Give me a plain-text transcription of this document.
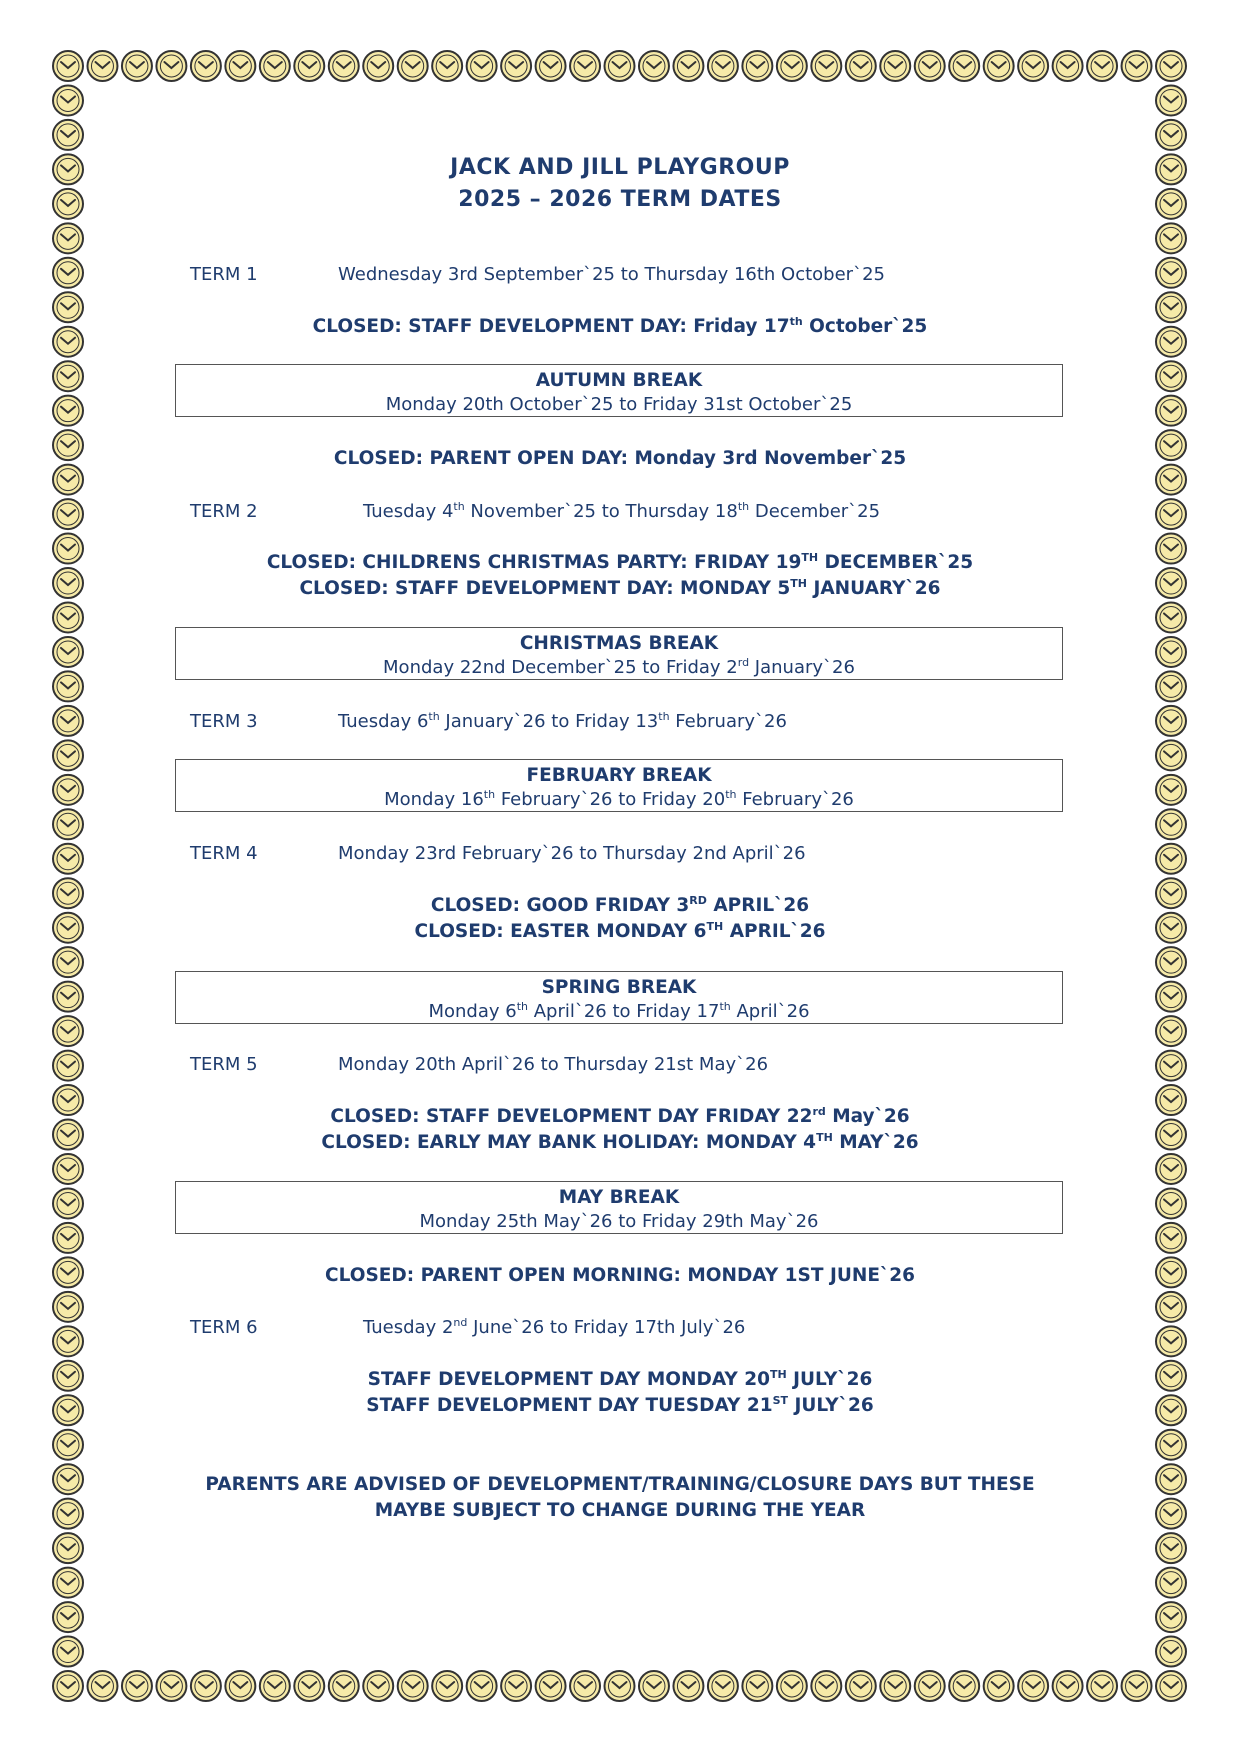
JACK AND JILL PLAYGROUP
2025 – 2026 TERM DATES
TERM 1	Wednesday 3rd September`25 to Thursday 16th October`25
CLOSED: STAFF DEVELOPMENT DAY: Friday 17th October`25
AUTUMN BREAK
Monday 20th October`25 to Friday 31st October`25
CLOSED: PARENT OPEN DAY: Monday 3rd November`25
TERM 2	Tuesday 4th November`25 to Thursday 18th December`25
CLOSED: CHILDRENS CHRISTMAS PARTY: FRIDAY 19TH DECEMBER`25
CLOSED: STAFF DEVELOPMENT DAY: MONDAY 5TH JANUARY`26
CHRISTMAS BREAK
Monday 22nd December`25 to Friday 2rd January`26
TERM 3	Tuesday 6th January`26 to Friday 13th February`26
FEBRUARY BREAK
Monday 16th February`26 to Friday 20th February`26
TERM 4	Monday 23rd February`26 to Thursday 2nd April`26
CLOSED: GOOD FRIDAY 3RD APRIL`26
CLOSED: EASTER MONDAY 6TH APRIL`26
SPRING BREAK
Monday 6th April`26 to Friday 17th April`26
TERM 5	Monday 20th April`26 to Thursday 21st May`26
CLOSED: STAFF DEVELOPMENT DAY FRIDAY 22rd May`26
CLOSED: EARLY MAY BANK HOLIDAY: MONDAY 4TH MAY`26
MAY BREAK
Monday 25th May`26 to Friday 29th May`26
CLOSED: PARENT OPEN MORNING: MONDAY 1ST JUNE`26
TERM 6	Tuesday 2nd June`26 to Friday 17th July`26
STAFF DEVELOPMENT DAY MONDAY 20TH JULY`26
STAFF DEVELOPMENT DAY TUESDAY 21ST JULY`26
PARENTS ARE ADVISED OF DEVELOPMENT/TRAINING/CLOSURE DAYS BUT THESE
MAYBE SUBJECT TO CHANGE DURING THE YEAR
